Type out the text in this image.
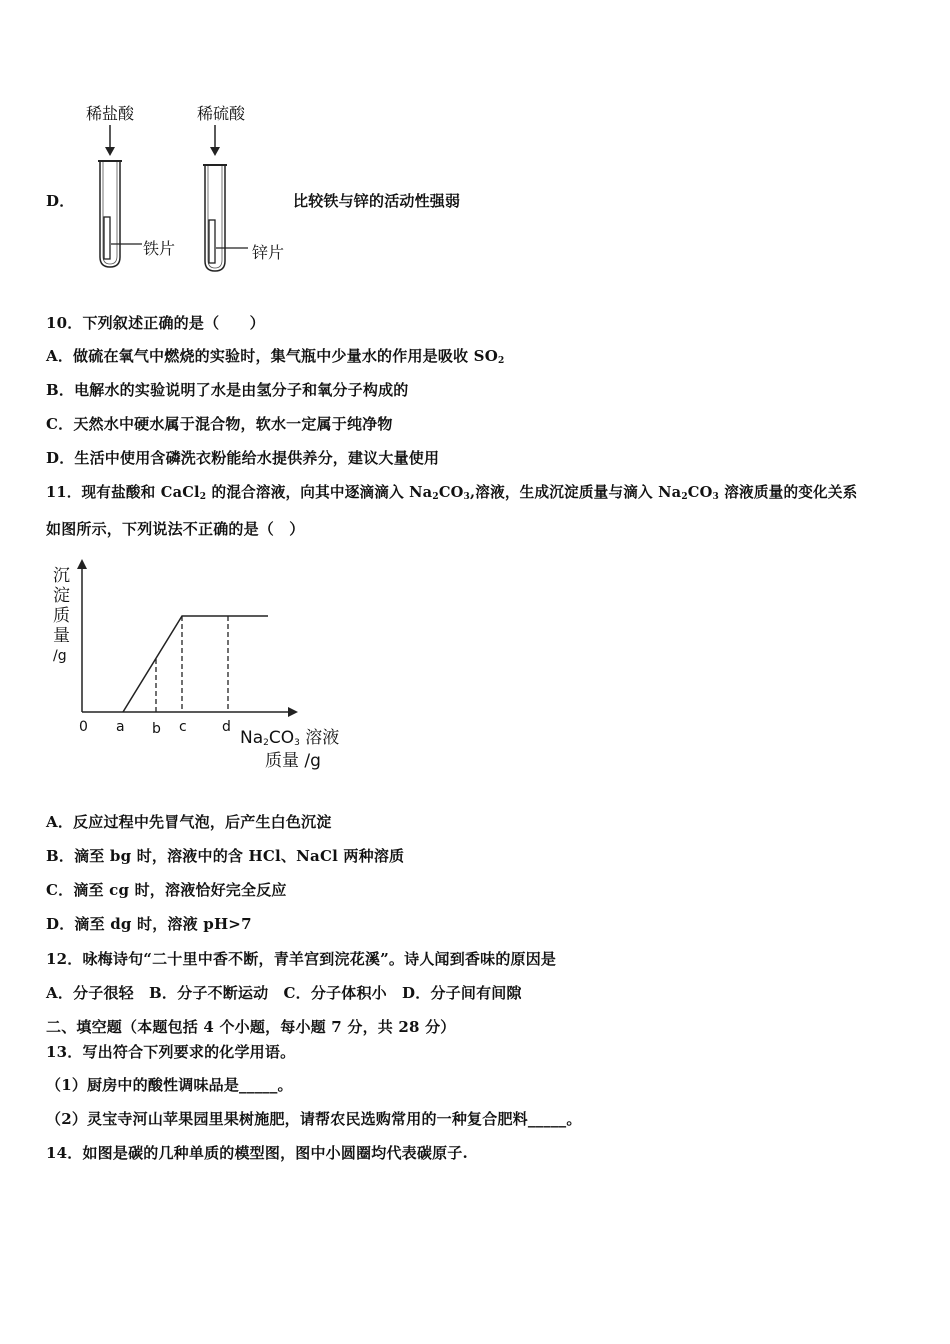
D．
稀盐酸	稀硫酸
铁片	锌片
比较铁与锌的活动性强弱
10．下列叙述正确的是（　　）
A．做硫在氧气中燃烧的实验时，集气瓶中少量水的作用是吸收 $SO_2$
B．电解水的实验说明了水是由氢分子和氧分子构成的
C．天然水中硬水属于混合物，软水一定属于纯净物
D．生活中使用含磷洗衣粉能给水提供养分，建议大量使用
11．现有盐酸和 CaCl$_2$ 的混合溶液，向其中逐滴滴入 $Na_2CO_3$,溶液，生成沉淀质量与滴入 $Na_2CO_3$ 溶液质量的变化关系
如图所示，下列说法不正确的是（　）
沉
淀
质
量
/g
0 a b c	d
$Na_2CO_3$ 溶液
质量 /g
A．反应过程中先冒气泡，后产生白色沉淀
B．滴至 bg 时，溶液中的含 HCl、NaCl 两种溶质
C．滴至 cg 时，溶液恰好完全反应
D．滴至 dg 时，溶液 pH>7
12．咏梅诗句“二十里中香不断，青羊宫到浣花溪”。诗人闻到香味的原因是
A．分子很轻　B．分子不断运动　C．分子体积小　D．分子间有间隙
二、填空题（本题包括 4 个小题，每小题 7 分，共 28 分）
13．写出符合下列要求的化学用语。
（1）厨房中的酸性调味品是_____。
（2）灵宝寺河山苹果园里果树施肥，请帮农民选购常用的一种复合肥料_____。
14．如图是碳的几种单质的模型图，图中小圆圈均代表碳原子.
